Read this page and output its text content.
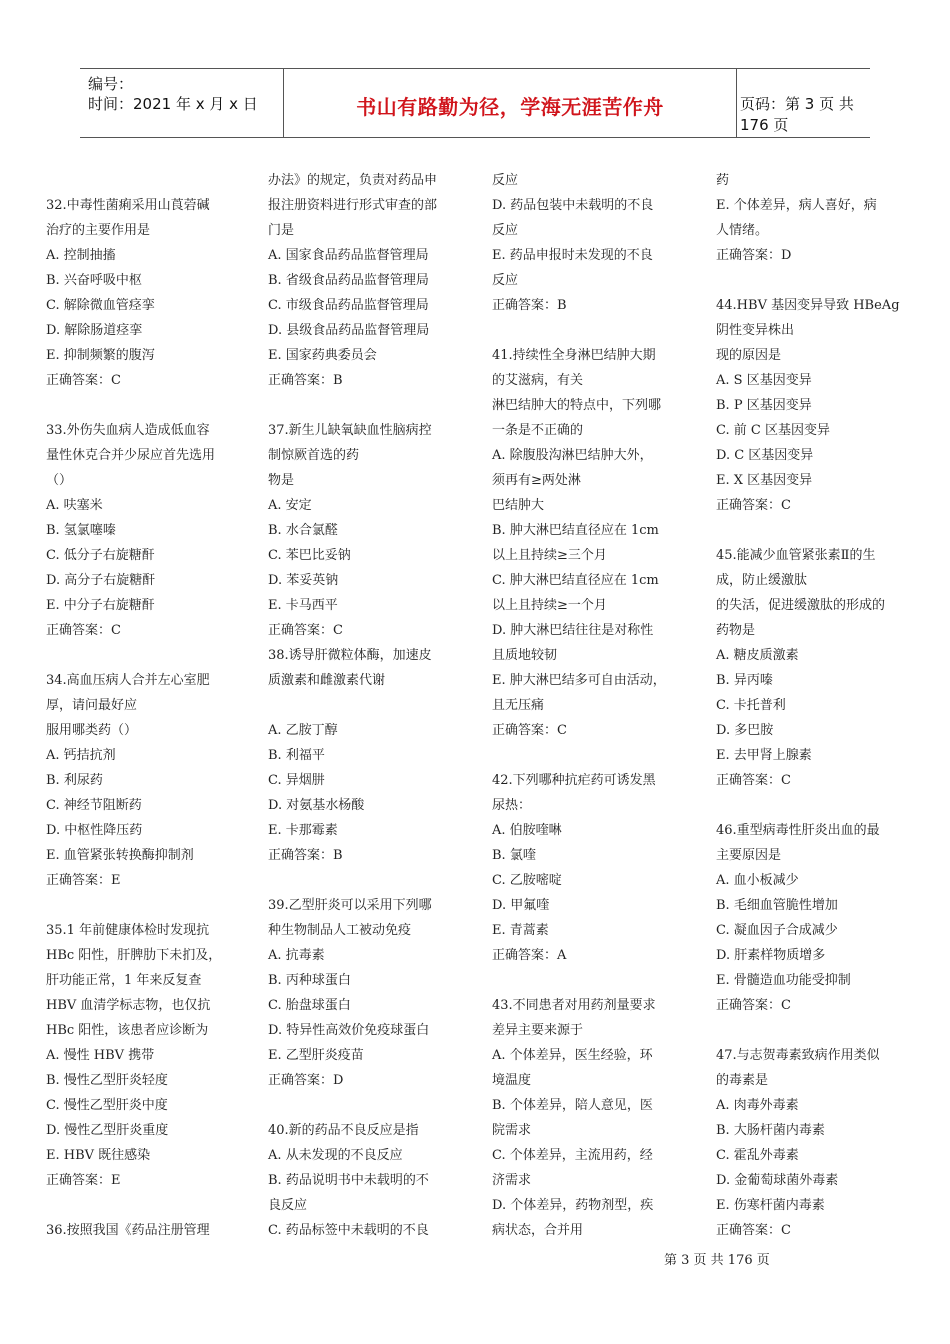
编号：
时间：2021 年 x 月 x 日	书山有路勤为径，学海无涯苦作舟	页码：第 3 页 共 176 页
32.中毒性菌痢采用山莨菪碱
治疗的主要作用是
A. 控制抽搐
B. 兴奋呼吸中枢
C. 解除微血管痉挛
D. 解除肠道痉挛
E. 抑制频繁的腹泻
正确答案：C
33.外伤失血病人造成低血容
量性休克合并少尿应首先选用
（）
A. 呋塞米
B. 氢氯噻嗪
C. 低分子右旋糖酐
D. 高分子右旋糖酐
E. 中分子右旋糖酐
正确答案：C
34.高血压病人合并左心室肥
厚，请问最好应
服用哪类药（）
A. 钙拮抗剂
B. 利尿药
C. 神经节阻断药
D. 中枢性降压药
E. 血管紧张转换酶抑制剂
正确答案：E
35.1 年前健康体检时发现抗
HBc 阳性，肝脾肋下未扪及，
肝功能正常，1 年来反复查
HBV 血清学标志物，也仅抗
HBc 阳性，该患者应诊断为
A. 慢性 HBV 携带
B. 慢性乙型肝炎轻度
C. 慢性乙型肝炎中度
D. 慢性乙型肝炎重度
E. HBV 既往感染
正确答案：E
36.按照我国《药品注册管理
办法》的规定，负责对药品申
报注册资料进行形式审查的部
门是
A. 国家食品药品监督管理局
B. 省级食品药品监督管理局
C. 市级食品药品监督管理局
D. 县级食品药品监督管理局
E. 国家药典委员会
正确答案：B
37.新生儿缺氧缺血性脑病控
制惊厥首选的药
物是
A. 安定
B. 水合氯醛
C. 苯巴比妥钠
D. 苯妥英钠
E. 卡马西平
正确答案：C
38.诱导肝微粒体酶，加速皮
质激素和雌激素代谢
A. 乙胺丁醇
B. 利福平
C. 异烟肼
D. 对氨基水杨酸
E. 卡那霉素
正确答案：B
39.乙型肝炎可以采用下列哪
种生物制品人工被动免疫
A. 抗毒素
B. 丙种球蛋白
C. 胎盘球蛋白
D. 特异性高效价免疫球蛋白
E. 乙型肝炎疫苗
正确答案：D
40.新的药品不良反应是指
A. 从未发现的不良反应
B. 药品说明书中未载明的不
良反应
C. 药品标签中未载明的不良
反应
D. 药品包装中未载明的不良
反应
E. 药品申报时未发现的不良
反应
正确答案：B
41.持续性全身淋巴结肿大期
的艾滋病，有关
淋巴结肿大的特点中，下列哪
一条是不正确的
A. 除腹股沟淋巴结肿大外，
须再有≥两处淋
巴结肿大
B. 肿大淋巴结直径应在 1cm
以上且持续≥三个月
C. 肿大淋巴结直径应在 1cm
以上且持续≥一个月
D. 肿大淋巴结往往是对称性
且质地较韧
E. 肿大淋巴结多可自由活动，
且无压痛
正确答案：C
42.下列哪种抗疟药可诱发黑
尿热：
A. 伯胺喹啉
B. 氯喹
C. 乙胺嘧啶
D. 甲氟喹
E. 青蒿素
正确答案：A
43.不同患者对用药剂量要求
差异主要来源于
A. 个体差异，医生经验，环
境温度
B. 个体差异，陪人意见，医
院需求
C. 个体差异，主流用药，经
济需求
D. 个体差异，药物剂型，疾
病状态，合并用
药
E. 个体差异，病人喜好，病
人情绪。
正确答案：D
44.HBV 基因变异导致 HBeAg
阴性变异株出
现的原因是
A. S 区基因变异
B. P 区基因变异
C. 前 C 区基因变异
D. C 区基因变异
E. X 区基因变异
正确答案：C
45.能减少血管紧张素Ⅱ的生
成，防止缓激肽
的失活，促进缓激肽的形成的
药物是
A. 糖皮质激素
B. 异丙嗪
C. 卡托普利
D. 多巴胺
E. 去甲肾上腺素
正确答案：C
46.重型病毒性肝炎出血的最
主要原因是
A. 血小板减少
B. 毛细血管脆性增加
C. 凝血因子合成减少
D. 肝素样物质增多
E. 骨髓造血功能受抑制
正确答案：C
47.与志贺毒素致病作用类似
的毒素是
A. 肉毒外毒素
B. 大肠杆菌内毒素
C. 霍乱外毒素
D. 金葡萄球菌外毒素
E. 伤寒杆菌内毒素
正确答案：C
第 3 页 共 176 页
